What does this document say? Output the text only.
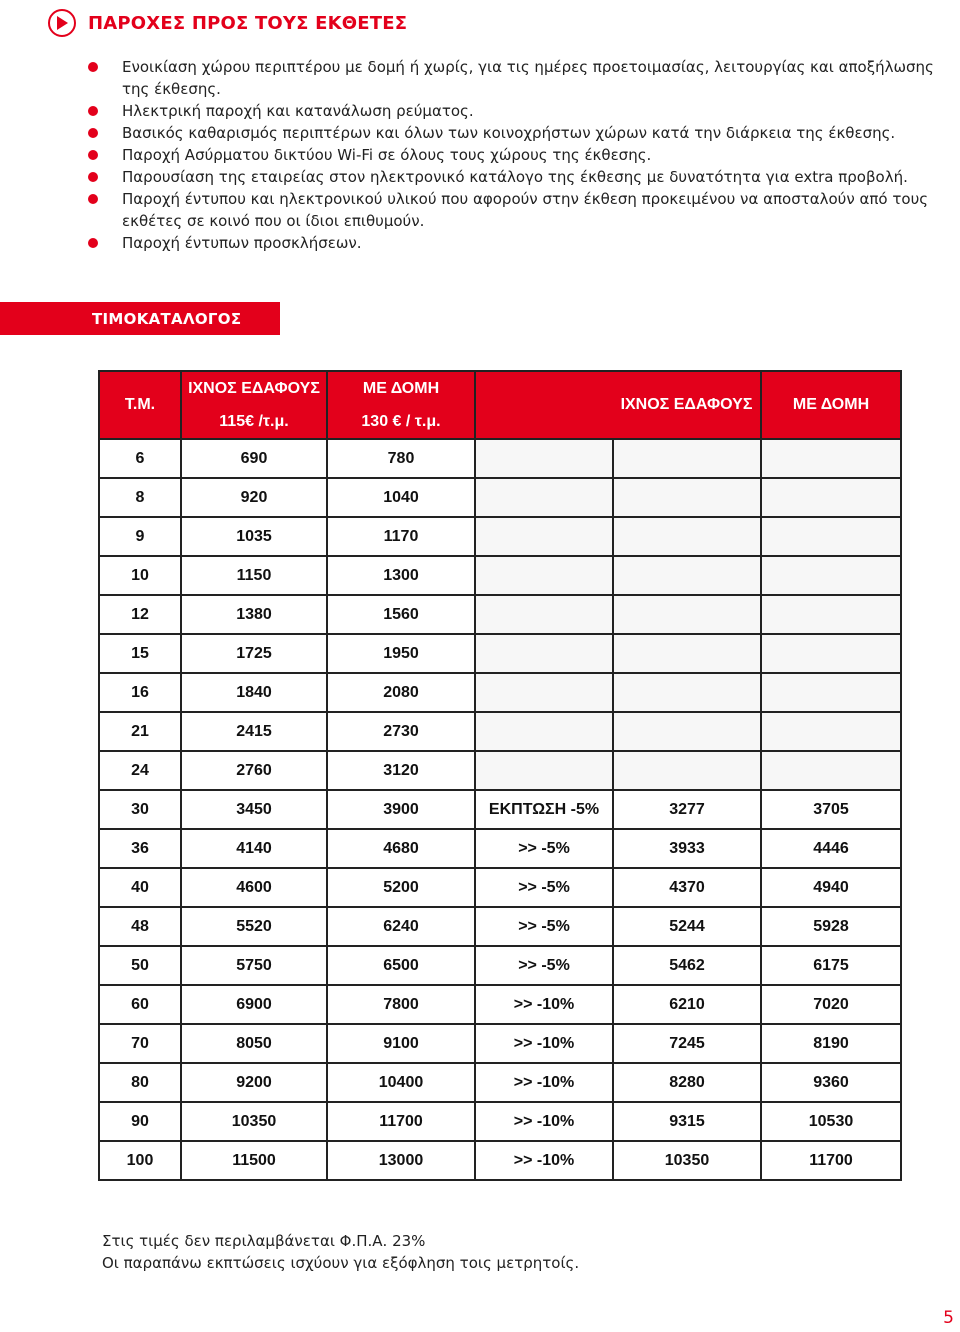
ΠΑΡΟΧΕΣ ΠΡΟΣ ΤΟΥΣ ΕΚΘΕΤΕΣ
Ενοικίαση χώρου περιπτέρου με δομή ή χωρίς, για τις ημέρες προετοιμασίας, λειτουργίας και αποξήλωσης της έκθεσης.
Ηλεκτρική παροχή και κατανάλωση ρεύματος.
Βασικός καθαρισμός περιπτέρων και όλων των κοινοχρήστων χώρων κατά την διάρκεια της έκθεσης.
Παροχή Ασύρματου δικτύου Wi-Fi σε όλους τους χώρους της έκθεσης.
Παρουσίαση της εταιρείας στον ηλεκτρονικό κατάλογο της έκθεσης με δυνατότητα για extra προβολή.
Παροχή έντυπου και ηλεκτρονικού υλικού που αφορούν στην έκθεση προκειμένου να αποσταλούν από τους εκθέτες σε κοινό που οι ίδιοι επιθυμούν.
Παροχή έντυπων προσκλήσεων.
ΤΙΜΟΚΑΤΑΛΟΓΟΣ
Τ.Μ.	ΙΧΝΟΣ ΕΔΑΦΟΥΣ	ΜΕ ΔΟΜΗ		ΙΧΝΟΣ ΕΔΑΦΟΥΣ	ΜΕ ΔΟΜΗ
	115€ /τ.μ.	130 € / τ.μ.			
6	690	780			
8	920	1040			
9	1035	1170			
10	1150	1300			
12	1380	1560			
15	1725	1950			
16	1840	2080			
21	2415	2730			
24	2760	3120			
30	3450	3900	ΕΚΠΤΩΣΗ -5%	3277	3705
36	4140	4680	>> -5%	3933	4446
40	4600	5200	>> -5%	4370	4940
48	5520	6240	>> -5%	5244	5928
50	5750	6500	>> -5%	5462	6175
60	6900	7800	>> -10%	6210	7020
70	8050	9100	>> -10%	7245	8190
80	9200	10400	>> -10%	8280	9360
90	10350	11700	>> -10%	9315	10530
100	11500	13000	>> -10%	10350	11700
Στις τιμές δεν περιλαμβάνεται Φ.Π.Α. 23%
Οι παραπάνω εκπτώσεις ισχύουν για εξόφληση τοις μετρητοίς.
5
